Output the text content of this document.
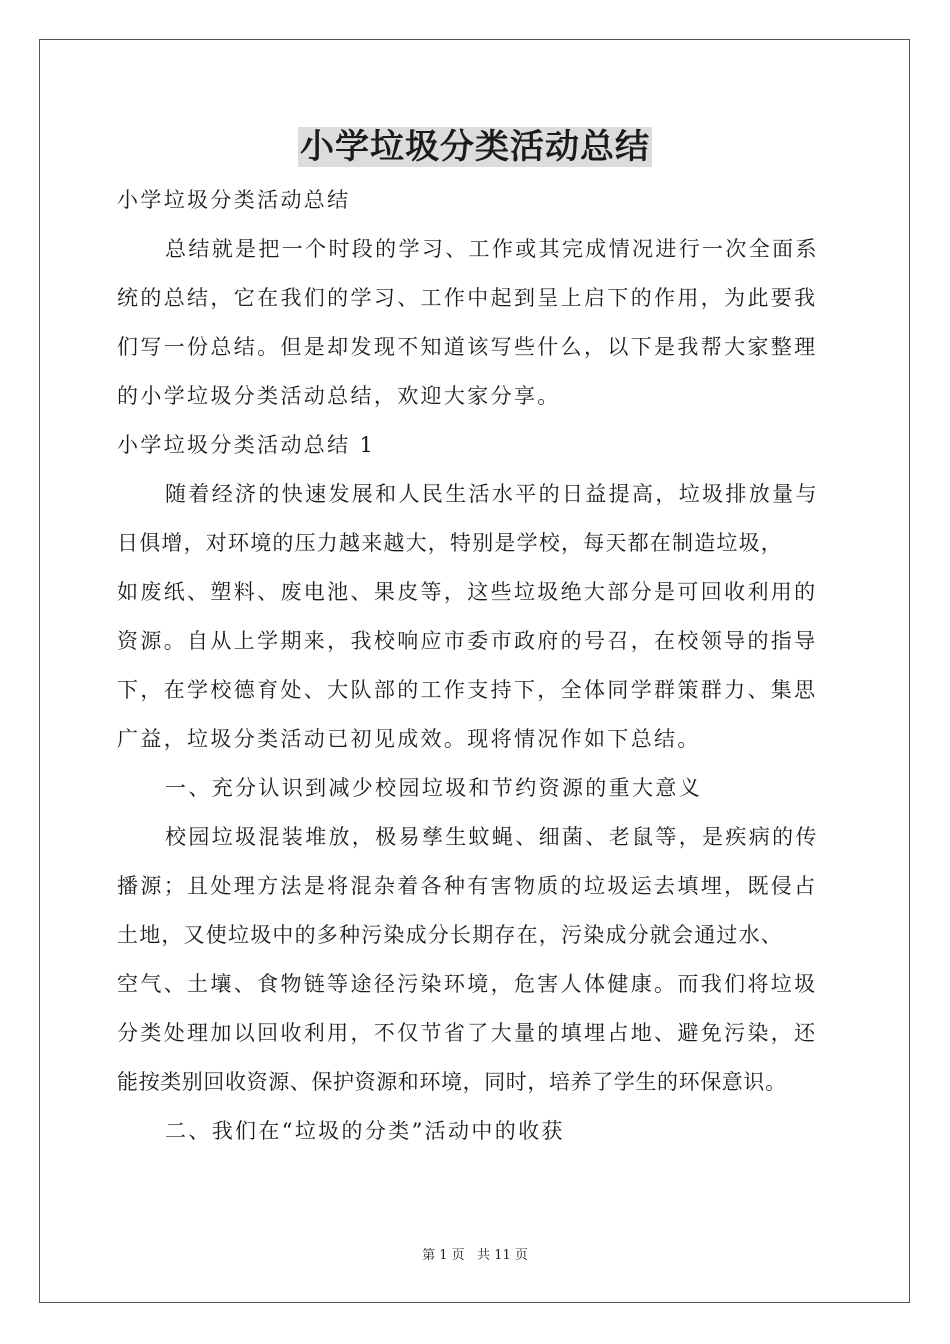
小学垃圾分类活动总结
小学垃圾分类活动总结
总结就是把一个时段的学习、工作或其完成情况进行一次全面系
统的总结，它在我们的学习、工作中起到呈上启下的作用，为此要我
们写一份总结。但是却发现不知道该写些什么，以下是我帮大家整理
的小学垃圾分类活动总结，欢迎大家分享。
小学垃圾分类活动总结 1
随着经济的快速发展和人民生活水平的日益提高，垃圾排放量与
日俱增，对环境的压力越来越大，特别是学校，每天都在制造垃圾，
如废纸、塑料、废电池、果皮等，这些垃圾绝大部分是可回收利用的
资源。自从上学期来，我校响应市委市政府的号召，在校领导的指导
下，在学校德育处、大队部的工作支持下，全体同学群策群力、集思
广益，垃圾分类活动已初见成效。现将情况作如下总结。
一、充分认识到减少校园垃圾和节约资源的重大意义
校园垃圾混装堆放，极易孳生蚊蝇、细菌、老鼠等，是疾病的传
播源；且处理方法是将混杂着各种有害物质的垃圾运去填埋，既侵占
土地，又使垃圾中的多种污染成分长期存在，污染成分就会通过水、
空气、土壤、食物链等途径污染环境，危害人体健康。而我们将垃圾
分类处理加以回收利用，不仅节省了大量的填埋占地、避免污染，还
能按类别回收资源、保护资源和环境，同时，培养了学生的环保意识。
二、我们在“垃圾的分类”活动中的收获
第 1 页   共 11 页
